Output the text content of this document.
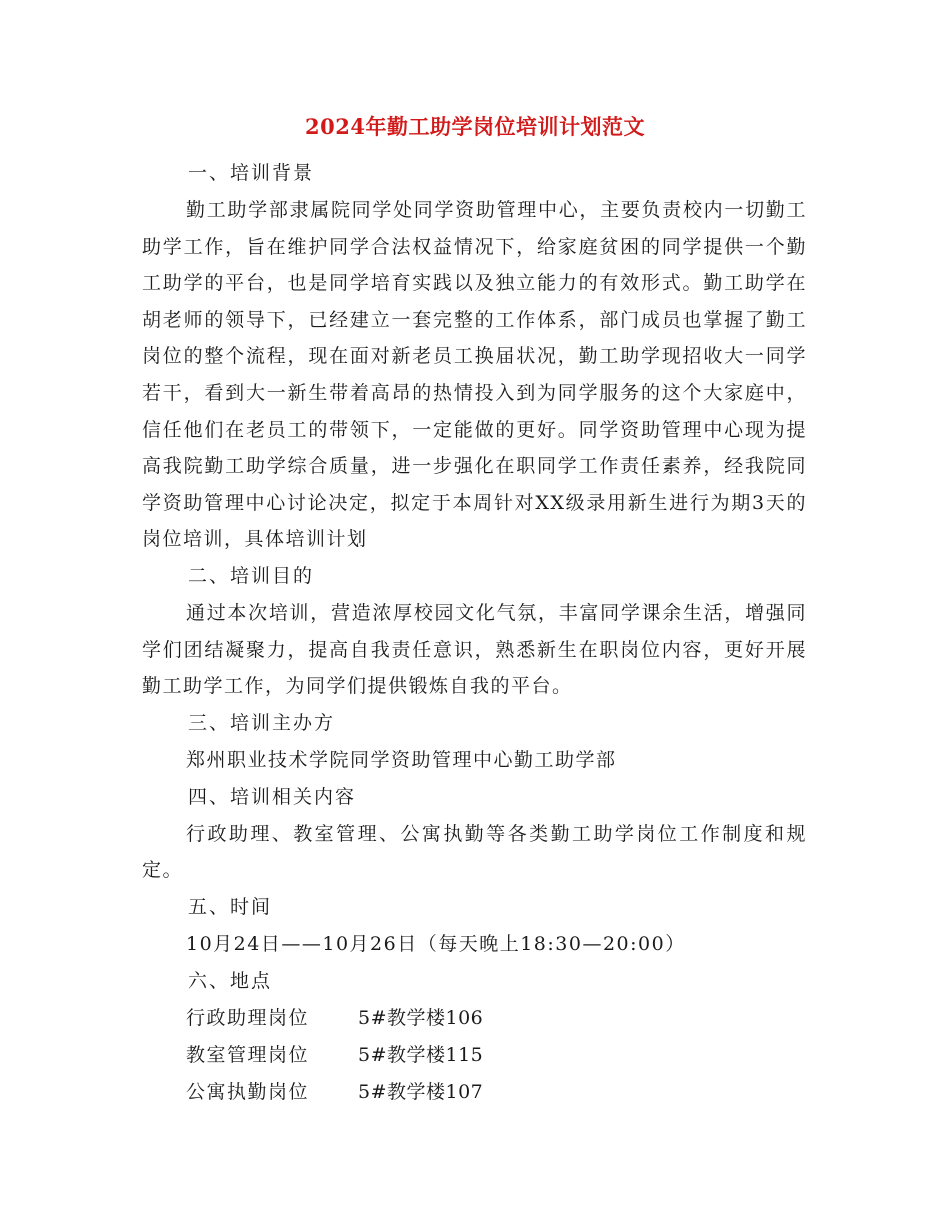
2024年勤工助学岗位培训计划范文
一、培训背景

勤工助学部隶属院同学处同学资助管理中心，主要负责校内一切勤工助学工作，旨在维护同学合法权益情况下，给家庭贫困的同学提供一个勤工助学的平台，也是同学培育实践以及独立能力的有效形式。勤工助学在胡老师的领导下，已经建立一套完整的工作体系，部门成员也掌握了勤工岗位的整个流程，现在面对新老员工换届状况，勤工助学现招收大一同学若干，看到大一新生带着高昂的热情投入到为同学服务的这个大家庭中，信任他们在老员工的带领下，一定能做的更好。同学资助管理中心现为提高我院勤工助学综合质量，进一步强化在职同学工作责任素养，经我院同学资助管理中心讨论决定，拟定于本周针对XX级录用新生进行为期3天的岗位培训，具体培训计划

二、培训目的

通过本次培训，营造浓厚校园文化气氛，丰富同学课余生活，增强同学们团结凝聚力，提高自我责任意识，熟悉新生在职岗位内容，更好开展勤工助学工作，为同学们提供锻炼自我的平台。

三、培训主办方
郑州职业技术学院同学资助管理中心勤工助学部
四、培训相关内容

行政助理、教室管理、公寓执勤等各类勤工助学岗位工作制度和规定。

五、时间
10月24日——10月26日（每天晚上18:30—20:00）
六、地点
行政助理岗位	5#教学楼106
教室管理岗位	5#教学楼115
公寓执勤岗位	5#教学楼107
